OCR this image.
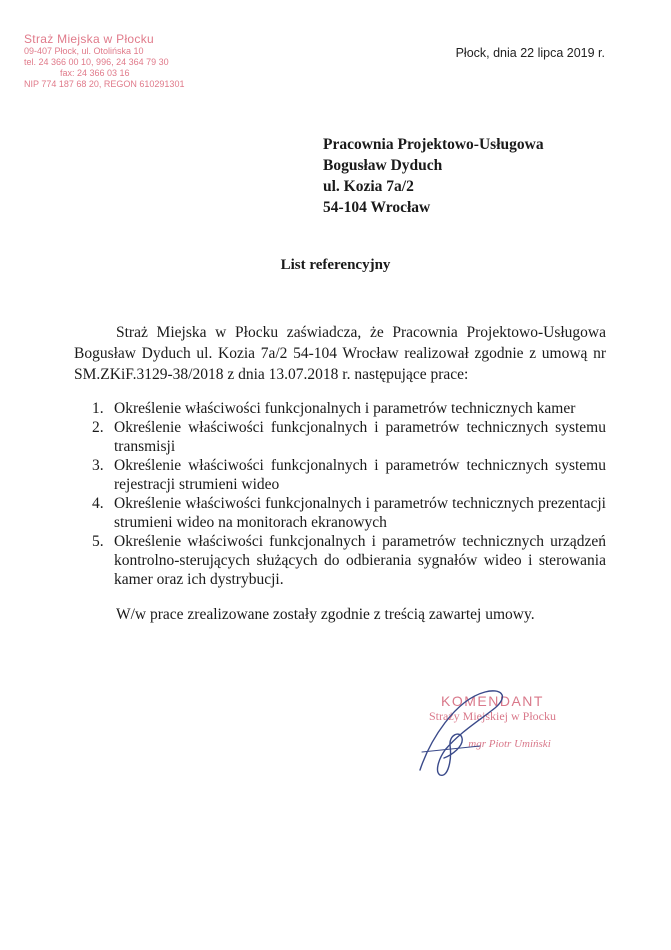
Straż Miejska w Płocku
09-407 Płock, ul. Otolińska 10
tel. 24 366 00 10, 996, 24 364 79 30
fax: 24 366 03 16
NIP 774 187 68 20, REGON 610291301
Płock, dnia 22 lipca 2019 r.
Pracownia Projektowo-Usługowa
Bogusław Dyduch
ul. Kozia 7a/2
54-104 Wrocław
List referencyjny
Straż Miejska w Płocku zaświadcza, że Pracownia Projektowo-Usługowa Bogusław Dyduch ul. Kozia 7a/2 54-104 Wrocław realizował zgodnie z umową nr SM.ZKiF.3129-38/2018 z dnia 13.07.2018 r. następujące prace:
1. Określenie właściwości funkcjonalnych i parametrów technicznych kamer
2. Określenie właściwości funkcjonalnych i parametrów technicznych systemu transmisji
3. Określenie właściwości funkcjonalnych i parametrów technicznych systemu rejestracji strumieni wideo
4. Określenie właściwości funkcjonalnych i parametrów technicznych prezentacji strumieni wideo na monitorach ekranowych
5. Określenie właściwości funkcjonalnych i parametrów technicznych urządzeń kontrolno-sterujących służących do odbierania sygnałów wideo i sterowania kamer oraz ich dystrybucji.
W/w prace zrealizowane zostały zgodnie z treścią zawartej umowy.
KOMENDANT
Straży Miejskiej w Płocku
mgr Piotr Umiński
